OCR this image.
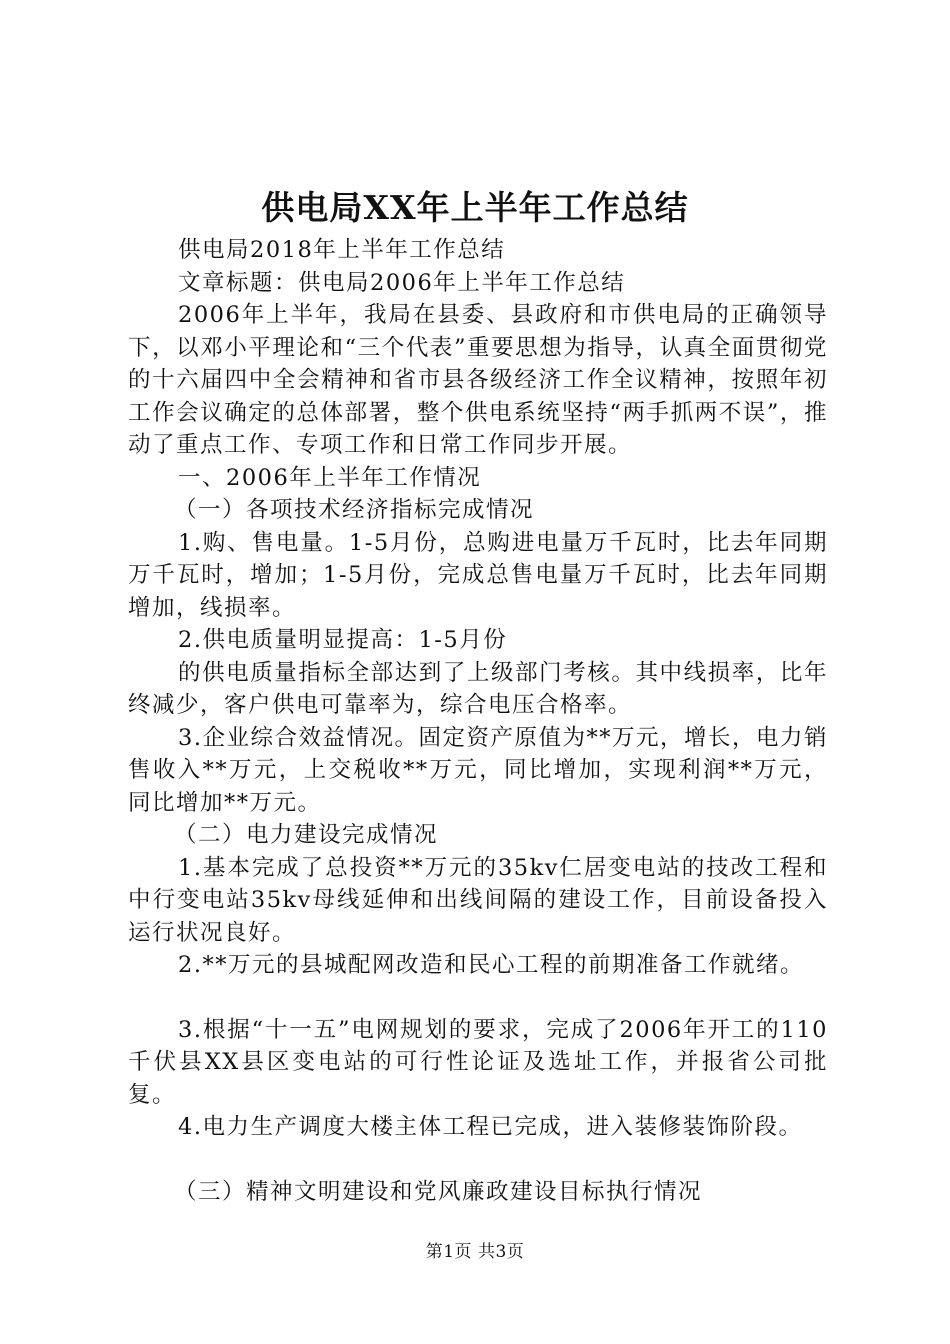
供电局XX年上半年工作总结

供电局2018年上半年工作总结

文章标题：供电局2006年上半年工作总结

2006年上半年，我局在县委、县政府和市供电局的正确领导下，以邓小平理论和“三个代表”重要思想为指导，认真全面贯彻党的十六届四中全会精神和省市县各级经济工作全议精神，按照年初工作会议确定的总体部署，整个供电系统坚持“两手抓两不误”，推动了重点工作、专项工作和日常工作同步开展。

一、2006年上半年工作情况

（一）各项技术经济指标完成情况

1.购、售电量。1-5月份，总购进电量万千瓦时，比去年同期万千瓦时，增加；1-5月份，完成总售电量万千瓦时，比去年同期增加，线损率。

2.供电质量明显提高：1-5月份

的供电质量指标全部达到了上级部门考核。其中线损率，比年终减少，客户供电可靠率为，综合电压合格率。

3.企业综合效益情况。固定资产原值为**万元，增长，电力销售收入**万元，上交税收**万元，同比增加，实现利润**万元，同比增加**万元。

（二）电力建设完成情况

1.基本完成了总投资**万元的35kv仁居变电站的技改工程和中行变电站35kv母线延伸和出线间隔的建设工作，目前设备投入运行状况良好。

2.**万元的县城配网改造和民心工程的前期准备工作就绪。

3.根据“十一五”电网规划的要求，完成了2006年开工的110千伏县XX县区变电站的可行性论证及选址工作，并报省公司批复。

4.电力生产调度大楼主体工程已完成，进入装修装饰阶段。

（三）精神文明建设和党风廉政建设目标执行情况

第1页 共3页
